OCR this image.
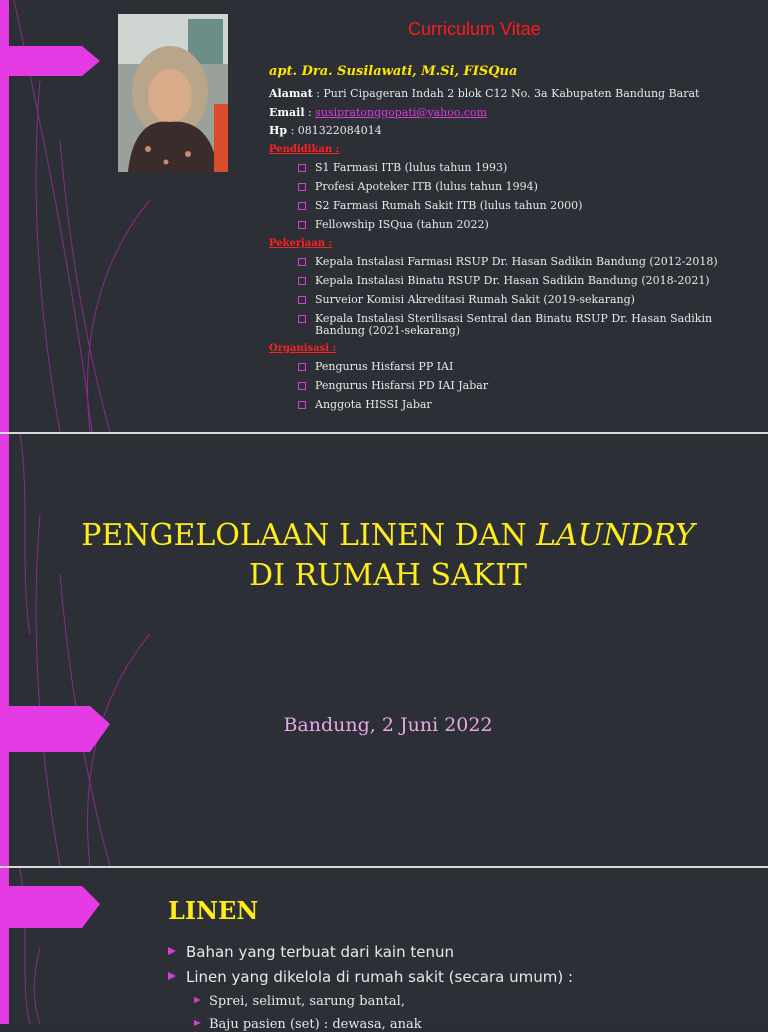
Curriculum Vitae
apt. Dra. Susilawati, M.Si, FISQua
Alamat : Puri Cipageran Indah 2 blok C12 No. 3a Kabupaten Bandung Barat
Email : susipratonggopati@yahoo.com
Hp : 081322084014
Pendidikan :
S1 Farmasi ITB (lulus tahun 1993)
Profesi Apoteker ITB (lulus tahun 1994)
S2 Farmasi Rumah Sakit ITB (lulus tahun 2000)
Fellowship ISQua (tahun 2022)
Pekerjaan :
Kepala Instalasi Farmasi RSUP Dr. Hasan Sadikin Bandung (2012-2018)
Kepala Instalasi Binatu RSUP Dr. Hasan Sadikin Bandung (2018-2021)
Surveior Komisi Akreditasi Rumah Sakit (2019-sekarang)
Kepala Instalasi Sterilisasi Sentral dan Binatu RSUP Dr. Hasan Sadikin Bandung (2021-sekarang)
Organisasi :
Pengurus Hisfarsi PP IAI
Pengurus Hisfarsi PD IAI Jabar
Anggota HISSI Jabar
PENGELOLAAN LINEN DAN LAUNDRY
DI RUMAH SAKIT
Bandung, 2 Juni 2022
LINEN
Bahan yang terbuat dari kain tenun
Linen yang dikelola di rumah sakit (secara umum) :
Sprei, selimut, sarung bantal,
Baju pasien (set) : dewasa, anak
